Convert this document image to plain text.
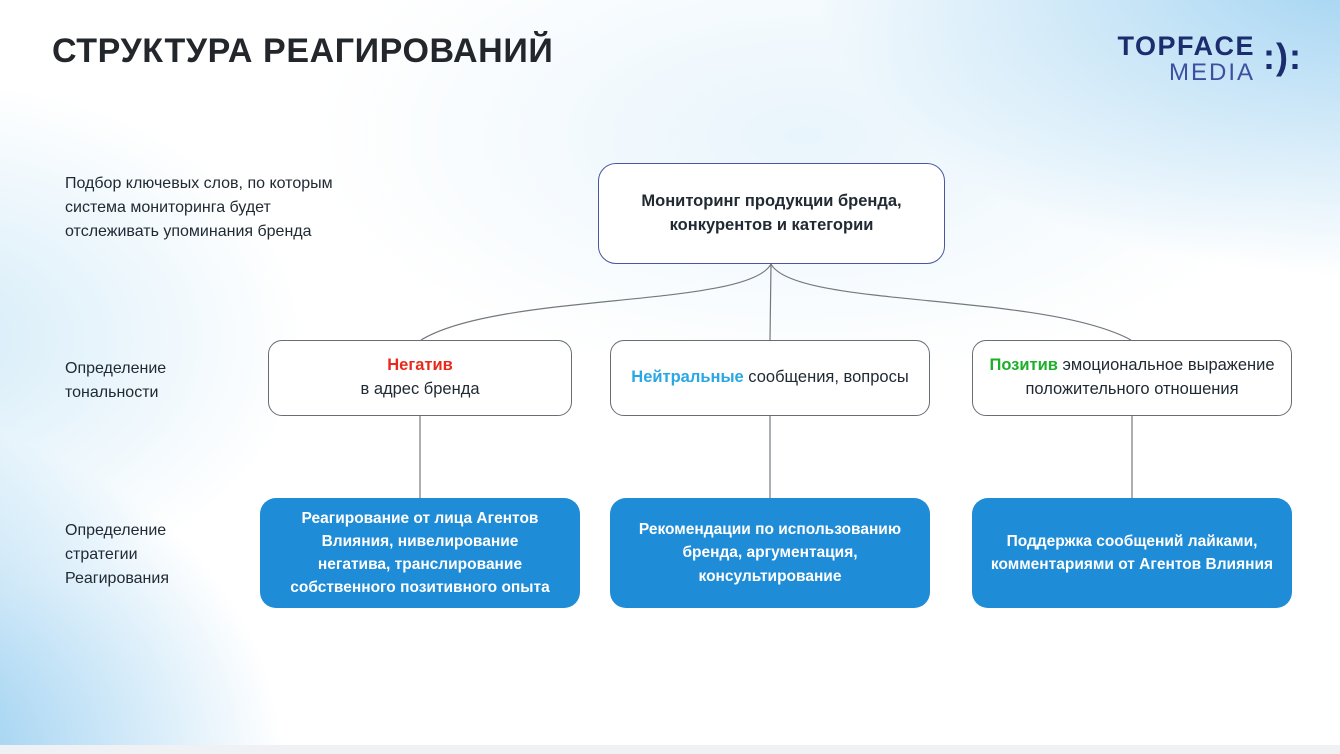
СТРУКТУРА РЕАГИРОВАНИЙ	TOPFACE
MEDIA :):
Подбор ключевых слов, по которым система мониторинга будет отслеживать упоминания бренда
Определение тональности
Определение стратегии Реагирования
Мониторинг продукции бренда, конкурентов и категории
Негатив
в адрес бренда
Нейтральные сообщения, вопросы
Позитив эмоциональное выражение положительного отношения
Реагирование от лица Агентов Влияния, нивелирование негатива, транслирование собственного позитивного опыта
Рекомендации по использованию бренда, аргументация, консультирование
Поддержка сообщений лайками, комментариями от Агентов Влияния
